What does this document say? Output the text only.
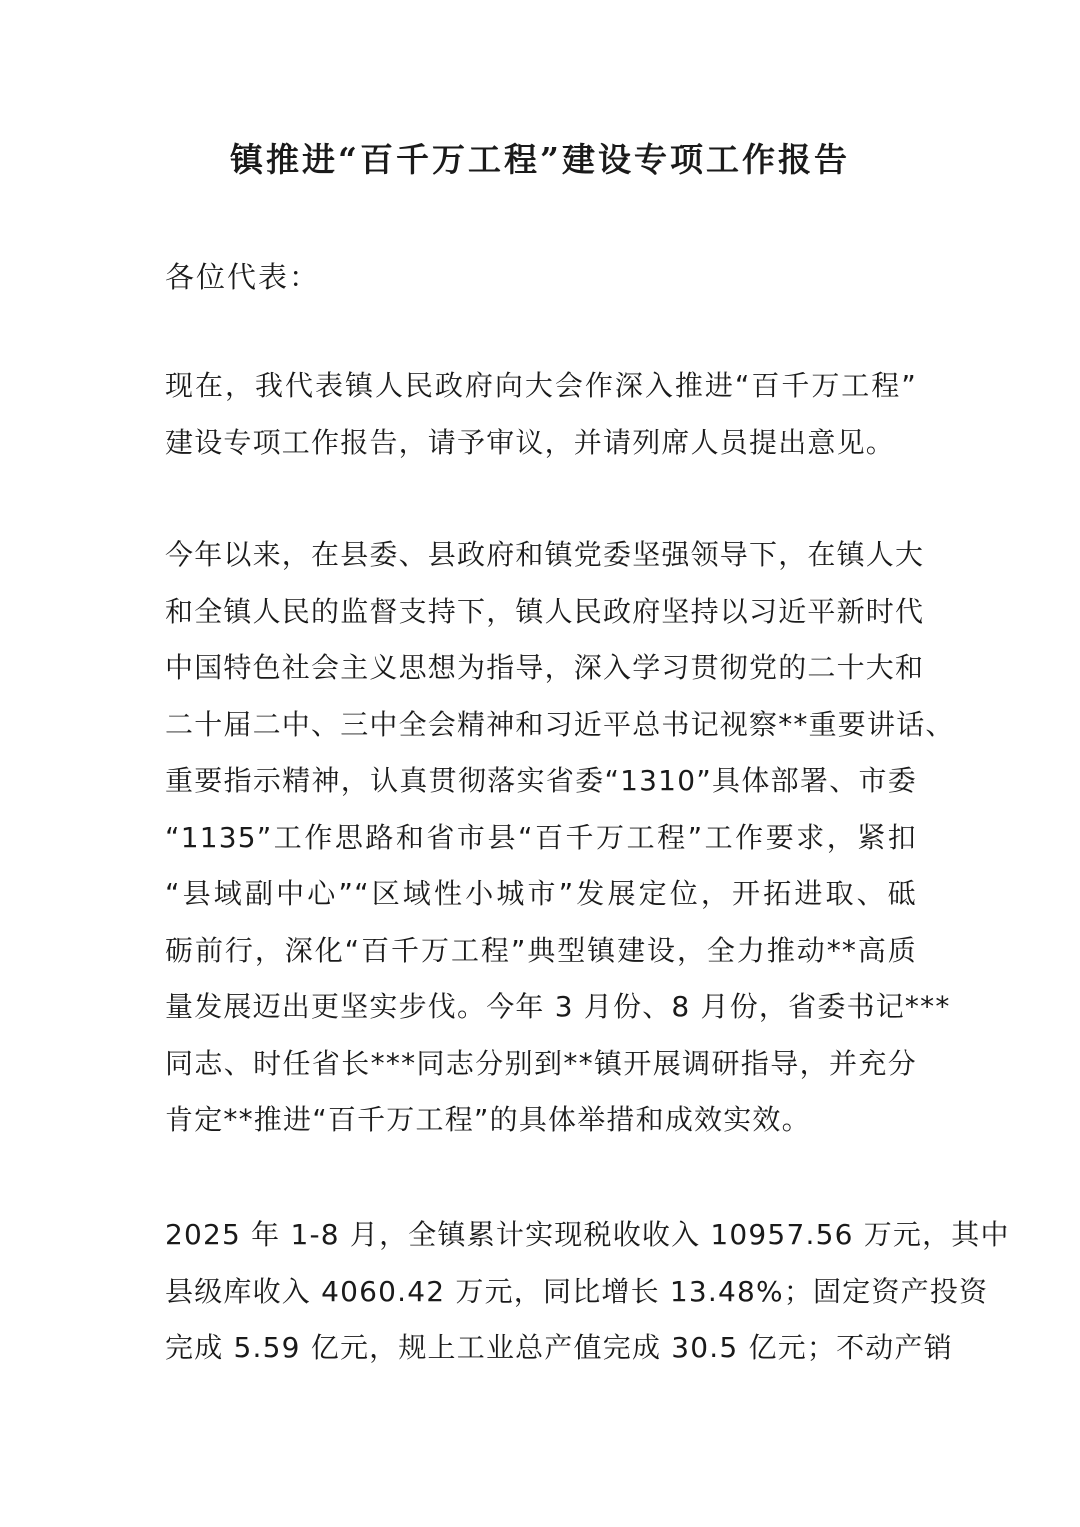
镇推进“百千万工程”建设专项工作报告
各位代表：
现在，我代表镇人民政府向大会作深入推进“百千万工程”
建设专项工作报告，请予审议，并请列席人员提出意见。
今年以来，在县委、县政府和镇党委坚强领导下，在镇人大
和全镇人民的监督支持下，镇人民政府坚持以习近平新时代
中国特色社会主义思想为指导，深入学习贯彻党的二十大和
二十届二中、三中全会精神和习近平总书记视察**重要讲话、
重要指示精神，认真贯彻落实省委“1310”具体部署、市委
“1135”工作思路和省市县“百千万工程”工作要求，紧扣
“县域副中心”“区域性小城市”发展定位，开拓进取、砥
砺前行，深化“百千万工程”典型镇建设，全力推动**高质
量发展迈出更坚实步伐。今年 3 月份、8 月份，省委书记***
同志、时任省长***同志分别到**镇开展调研指导，并充分
肯定**推进“百千万工程”的具体举措和成效实效。
2025 年 1-8 月，全镇累计实现税收收入 10957.56 万元，其中
县级库收入 4060.42 万元，同比增长 13.48%；固定资产投资
完成 5.59 亿元，规上工业总产值完成 30.5 亿元；不动产销
